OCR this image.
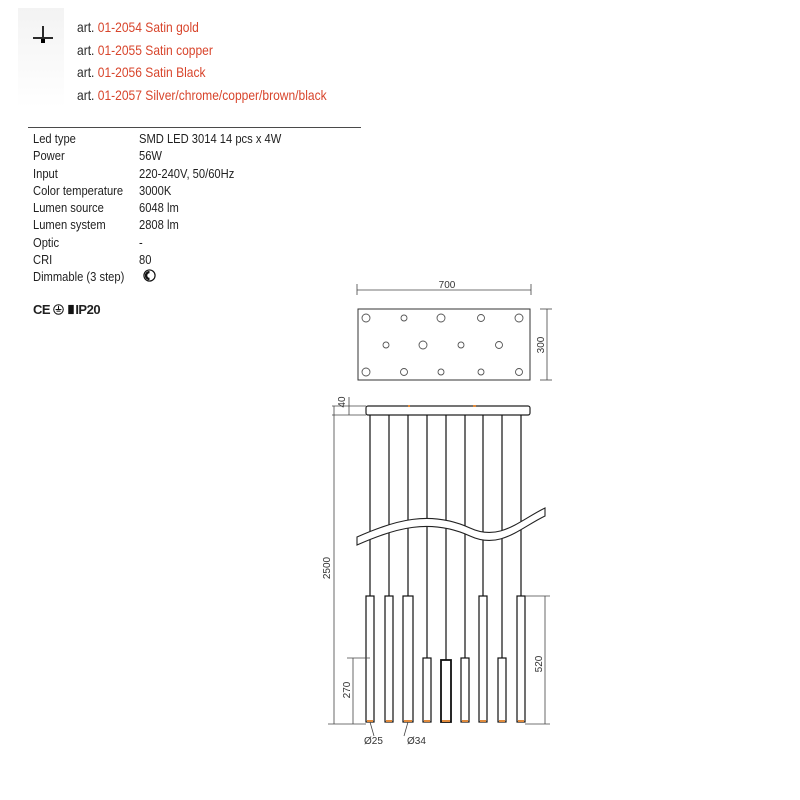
art. 01-2054 Satin gold
art. 01-2055 Satin copper
art. 01-2056 Satin Black
art. 01-2057 Silver/chrome/copper/brown/black
Led type	SMD LED 3014 14 pcs x 4W
Power	56W
Input	220-240V, 50/60Hz
Color temperature 3000K
Lumen source	6048 lm
Lumen system	2808 lm
Optic	-
CRI	80
Dimmable (3 step)
CE IP20
700
300
40
2500
270
520
Ø25 Ø34
